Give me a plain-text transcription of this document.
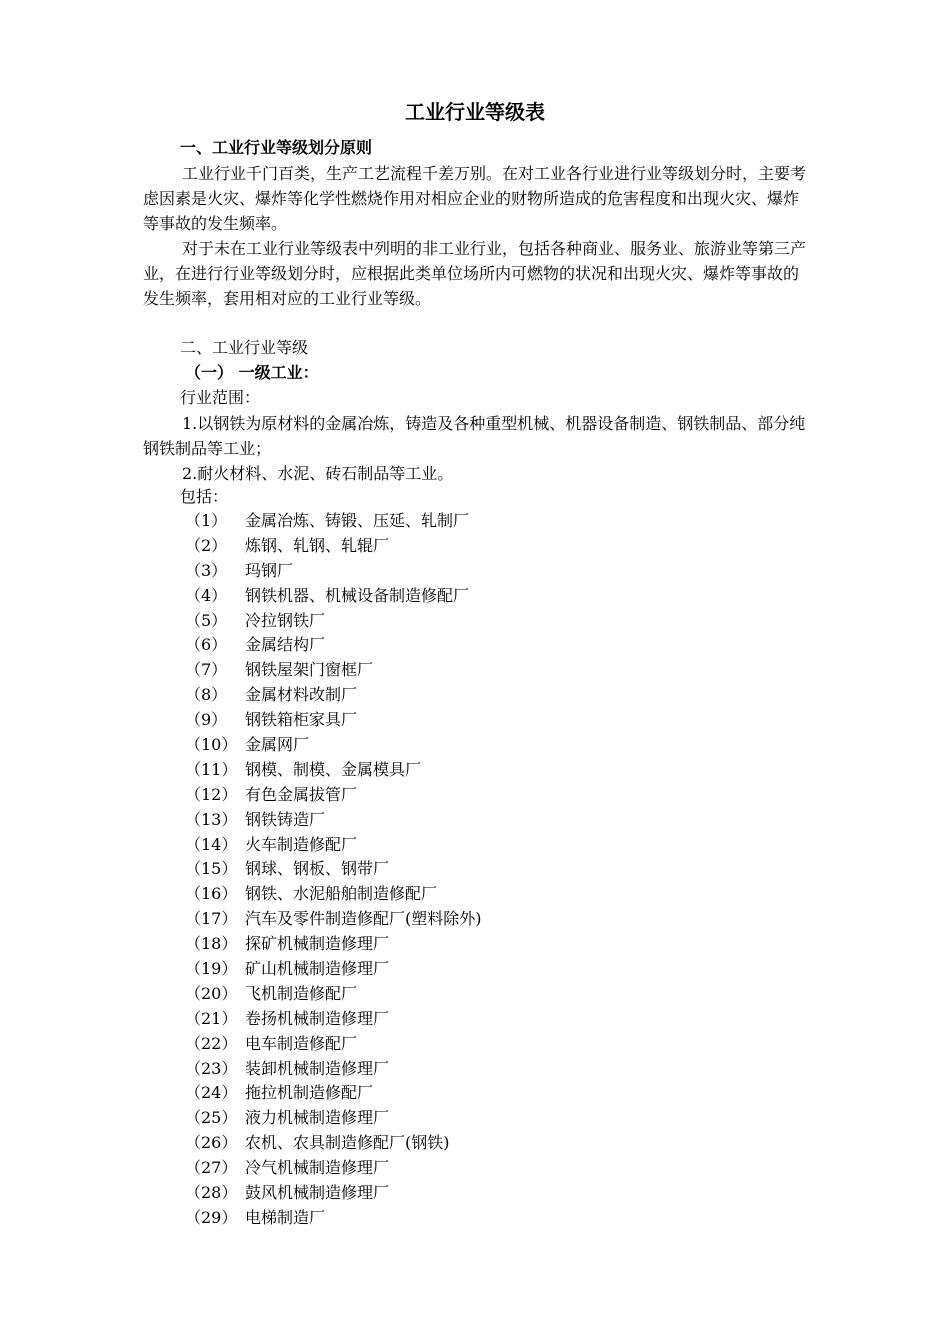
工业行业等级表
一、工业行业等级划分原则
工业行业千门百类，生产工艺流程千差万别。在对工业各行业进行业等级划分时，主要考虑因素是火灾、爆炸等化学性燃烧作用对相应企业的财物所造成的危害程度和出现火灾、爆炸等事故的发生频率。
对于未在工业行业等级表中列明的非工业行业，包括各种商业、服务业、旅游业等第三产业，在进行行业等级划分时，应根据此类单位场所内可燃物的状况和出现火灾、爆炸等事故的发生频率，套用相对应的工业行业等级。
二、工业行业等级
（一） 一级工业：
行业范围：
1.以钢铁为原材料的金属冶炼，铸造及各种重型机械、机器设备制造、钢铁制品、部分纯钢铁制品等工业；
2.耐火材料、水泥、砖石制品等工业。
包括：
（1） 金属冶炼、铸锻、压延、轧制厂
（2） 炼钢、轧钢、轧辊厂
（3） 玛钢厂
（4） 钢铁机器、机械设备制造修配厂
（5） 冷拉钢铁厂
（6） 金属结构厂
（7） 钢铁屋架门窗框厂
（8） 金属材料改制厂
（9） 钢铁箱柜家具厂
（10） 金属网厂
（11） 钢模、制模、金属模具厂
（12） 有色金属拔管厂
（13） 钢铁铸造厂
（14） 火车制造修配厂
（15） 钢球、钢板、钢带厂
（16） 钢铁、水泥船舶制造修配厂
（17） 汽车及零件制造修配厂(塑料除外)
（18） 探矿机械制造修理厂
（19） 矿山机械制造修理厂
（20） 飞机制造修配厂
（21） 卷扬机械制造修理厂
（22） 电车制造修配厂
（23） 装卸机械制造修理厂
（24） 拖拉机制造修配厂
（25） 液力机械制造修理厂
（26） 农机、农具制造修配厂(钢铁)
（27） 冷气机械制造修理厂
（28） 鼓风机械制造修理厂
（29） 电梯制造厂
